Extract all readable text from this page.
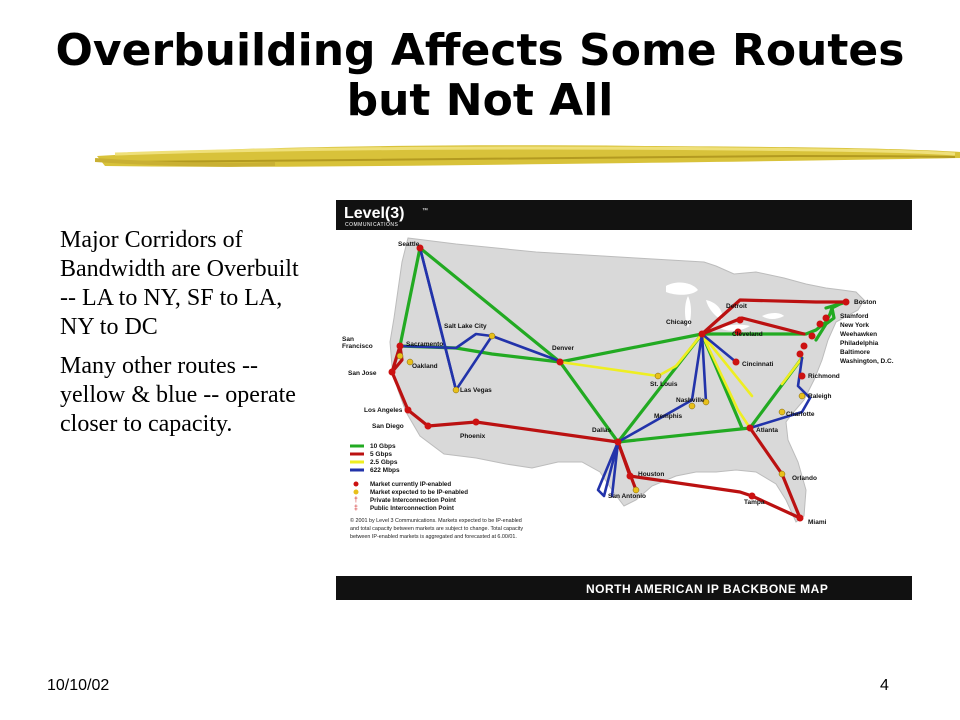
Overbuilding Affects Some Routes
but Not All

Major Corridors of Bandwidth are Overbuilt -- LA to NY, SF to LA, NY to DC

Many other routes -- yellow & blue -- operate closer to capacity.

Level(3)	™
COMMUNICATIONS
Seattle
San Francisco
San Jose
Sacramento
Oakland
Salt Lake City
Las Vegas
Los Angeles
San Diego
Phoenix
Denver
Dallas
Houston
San Antonio
Chicago
St. Louis
Nashville
Memphis
Detroit
Cleveland
Cincinnati
Atlanta
Charlotte
Raleigh
Richmond
Orlando
Tampa
Miami
Boston
Stamford
New York
Weehawken
Philadelphia
Baltimore
Washington, D.C.
10 Gbps
5 Gbps
2.5 Gbps
622 Mbps
†
‡
Market currently IP-enabled
Market expected to be IP-enabled
Private Interconnection Point
Public Interconnection Point
© 2001 by Level 3 Communications. Markets expected to be IP-enabled
and total capacity between markets are subject to change. Total capacity
between IP-enabled markets is aggregated and forecasted at 6.00/01.
NORTH AMERICAN IP BACKBONE MAP
10/10/02	4
